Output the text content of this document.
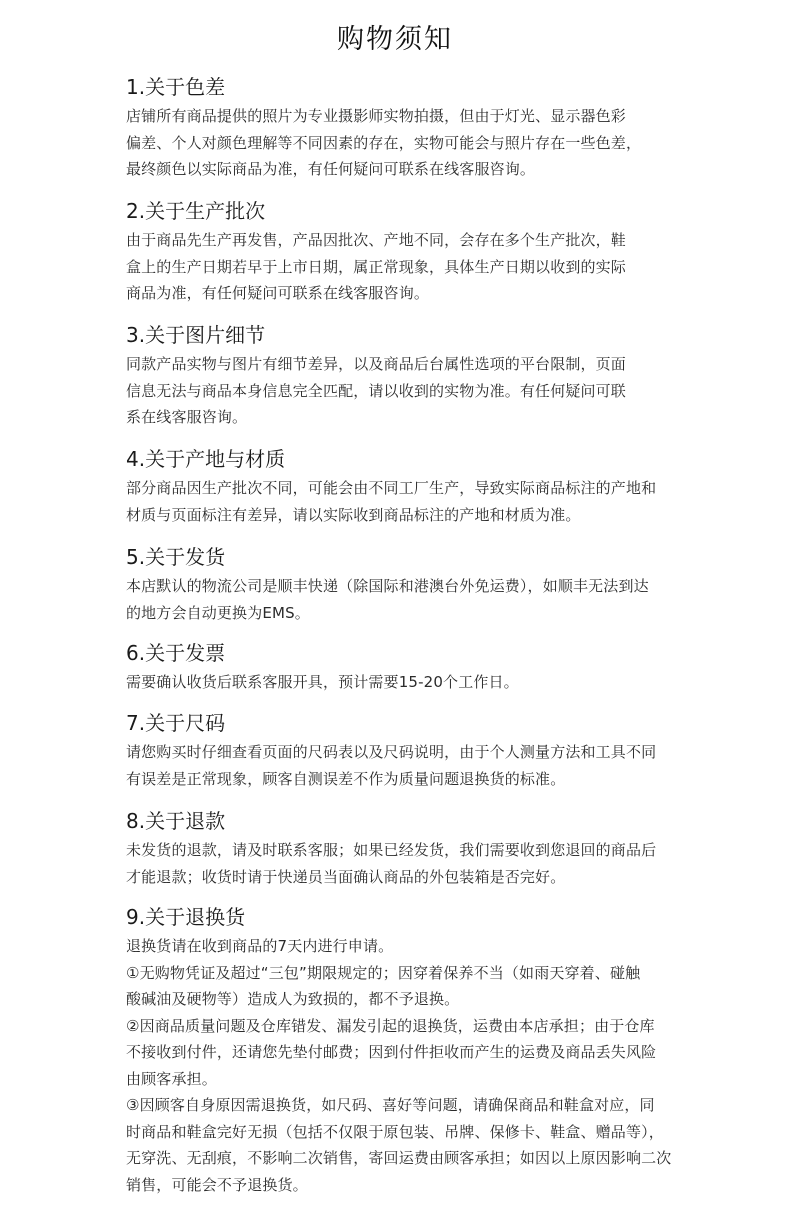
购物须知
1.关于色差
店铺所有商品提供的照片为专业摄影师实物拍摄，但由于灯光、显示器色彩
偏差、个人对颜色理解等不同因素的存在，实物可能会与照片存在一些色差，
最终颜色以实际商品为准，有任何疑问可联系在线客服咨询。
2.关于生产批次
由于商品先生产再发售，产品因批次、产地不同，会存在多个生产批次，鞋
盒上的生产日期若早于上市日期，属正常现象，具体生产日期以收到的实际
商品为准，有任何疑问可联系在线客服咨询。
3.关于图片细节
同款产品实物与图片有细节差异，以及商品后台属性选项的平台限制，页面
信息无法与商品本身信息完全匹配，请以收到的实物为准。有任何疑问可联
系在线客服咨询。
4.关于产地与材质
部分商品因生产批次不同，可能会由不同工厂生产，导致实际商品标注的产地和
材质与页面标注有差异，请以实际收到商品标注的产地和材质为准。
5.关于发货
本店默认的物流公司是顺丰快递（除国际和港澳台外免运费），如顺丰无法到达
的地方会自动更换为EMS。
6.关于发票
需要确认收货后联系客服开具，预计需要15-20个工作日。
7.关于尺码
请您购买时仔细查看页面的尺码表以及尺码说明，由于个人测量方法和工具不同
有误差是正常现象，顾客自测误差不作为质量问题退换货的标准。
8.关于退款
未发货的退款，请及时联系客服；如果已经发货，我们需要收到您退回的商品后
才能退款；收货时请于快递员当面确认商品的外包装箱是否完好。
9.关于退换货
退换货请在收到商品的7天内进行申请。
①无购物凭证及超过“三包”期限规定的；因穿着保养不当（如雨天穿着、碰触
酸碱油及硬物等）造成人为致损的，都不予退换。
②因商品质量问题及仓库错发、漏发引起的退换货，运费由本店承担；由于仓库
不接收到付件，还请您先垫付邮费；因到付件拒收而产生的运费及商品丢失风险
由顾客承担。
③因顾客自身原因需退换货，如尺码、喜好等问题，请确保商品和鞋盒对应，同
时商品和鞋盒完好无损（包括不仅限于原包装、吊牌、保修卡、鞋盒、赠品等），
无穿洗、无刮痕，不影响二次销售，寄回运费由顾客承担；如因以上原因影响二次
销售，可能会不予退换货。
